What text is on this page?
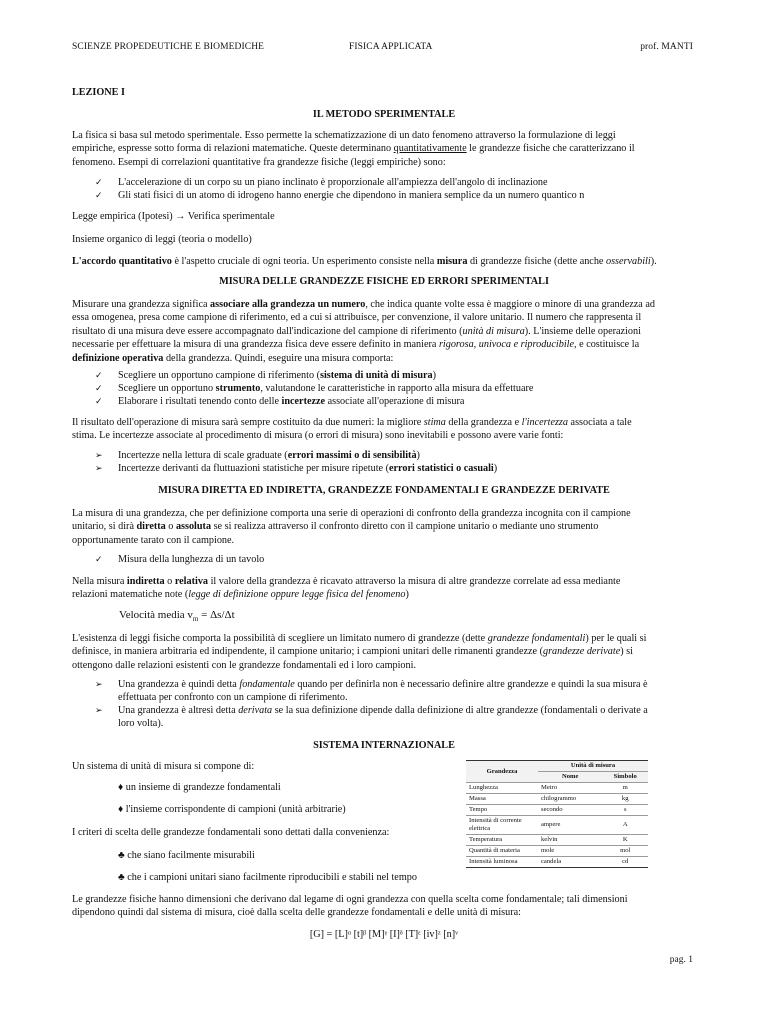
SCIENZE PROPEDEUTICHE E BIOMEDICHE	FISICA APPLICATA	prof. MANTI
LEZIONE I
IL METODO SPERIMENTALE
La fisica si basa sul metodo sperimentale. Esso permette la schematizzazione di un dato fenomeno attraverso la formulazione di leggi
empiriche, espresse sotto forma di relazioni matematiche. Queste determinano quantitativamente le grandezze fisiche che caratterizzano il
fenomeno. Esempi di correlazioni quantitative fra grandezze fisiche (leggi empiriche) sono:
✓	L'accelerazione di un corpo su un piano inclinato è proporzionale all'ampiezza dell'angolo di inclinazione
✓	Gli stati fisici di un atomo di idrogeno hanno energie che dipendono in maniera semplice da un numero quantico n
Legge empirica (Ipotesi) → Verifica sperimentale
Insieme organico di leggi (teoria o modello)
L'accordo quantitativo è l'aspetto cruciale di ogni teoria. Un esperimento consiste nella misura di grandezze fisiche (dette anche osservabili).
MISURA DELLE GRANDEZZE FISICHE ED ERRORI SPERIMENTALI
Misurare una grandezza significa associare alla grandezza un numero, che indica quante volte essa è maggiore o minore di una grandezza ad
essa omogenea, presa come campione di riferimento, ed a cui si attribuisce, per convenzione, il valore unitario. Il numero che rappresenta il
risultato di una misura deve essere accompagnato dall'indicazione del campione di riferimento (unità di misura). L'insieme delle operazioni
necessarie per effettuare la misura di una grandezza fisica deve essere definito in maniera rigorosa, univoca e riproducibile, e costituisce la
definizione operativa della grandezza. Quindi, eseguire una misura comporta:
✓	Scegliere un opportuno campione di riferimento (sistema di unità di misura)
✓	Scegliere un opportuno strumento, valutandone le caratteristiche in rapporto alla misura da effettuare
✓	Elaborare i risultati tenendo conto delle incertezze associate all'operazione di misura
Il risultato dell'operazione di misura sarà sempre costituito da due numeri: la migliore stima della grandezza e l'incertezza associata a tale
stima. Le incertezze associate al procedimento di misura (o errori di misura) sono inevitabili e possono avere varie fonti:
➢	Incertezze nella lettura di scale graduate (errori massimi o di sensibilità)
➢	Incertezze derivanti da fluttuazioni statistiche per misure ripetute (errori statistici o casuali)
MISURA DIRETTA ED INDIRETTA, GRANDEZZE FONDAMENTALI E GRANDEZZE DERIVATE
La misura di una grandezza, che per definizione comporta una serie di operazioni di confronto della grandezza incognita con il campione
unitario, si dirà diretta o assoluta se si realizza attraverso il confronto diretto con il campione unitario o mediante uno strumento
opportunamente tarato con il campione.
✓	Misura della lunghezza di un tavolo
Nella misura indiretta o relativa il valore della grandezza è ricavato attraverso la misura di altre grandezze correlate ad essa mediante
relazioni matematiche note (legge di definizione oppure legge fisica del fenomeno)
Velocità media $v_m = \Delta s/\Delta t$
L'esistenza di leggi fisiche comporta la possibilità di scegliere un limitato numero di grandezze (dette grandezze fondamentali) per le quali si
definisce, in maniera arbitraria ed indipendente, il campione unitario; i campioni unitari delle rimanenti grandezze (grandezze derivate) si
ottengono dalle relazioni esistenti con le grandezze fondamentali ed i loro campioni.
➢	Una grandezza è quindi detta fondamentale quando per definirla non è necessario definire altre grandezze e quindi la sua misura è
effettuata per confronto con un campione di riferimento.
➢	Una grandezza è altresì detta derivata se la sua definizione dipende dalla definizione di altre grandezze (fondamentali o derivate a
loro volta).
SISTEMA INTERNAZIONALE
Un sistema di unità di misura si compone di:
♦ un insieme di grandezze fondamentali
♦ l'insieme corrispondente di campioni (unità arbitrarie)
I criteri di scelta delle grandezze fondamentali sono dettati dalla convenienza:
♣ che siano facilmente misurabili
♣ che i campioni unitari siano facilmente riproducibili e stabili nel tempo
Grandezza	Unità di misura	
	Nome	Simbolo
Lunghezza	Metro	m
Massa	chilogrammo	kg
Tempo	secondo	s
Intensità di corrente elettrica	ampere	A
Temperatura	kelvin	K
Quantità di materia	mole	mol
Intensità luminosa	candela	cd
Le grandezze fisiche hanno dimensioni che derivano dal legame di ogni grandezza con quella scelta come fondamentale; tali dimensioni
dipendono quindi dal sistema di misura, cioè dalla scelta delle grandezze fondamentali e delle unità di misura:
[G] = [L]ᵅ [t]ᵝ [M]ᵞ [I]ᵟ [T]ᵋ [iv]ᶻ [n]ᵛ
pag. 1
